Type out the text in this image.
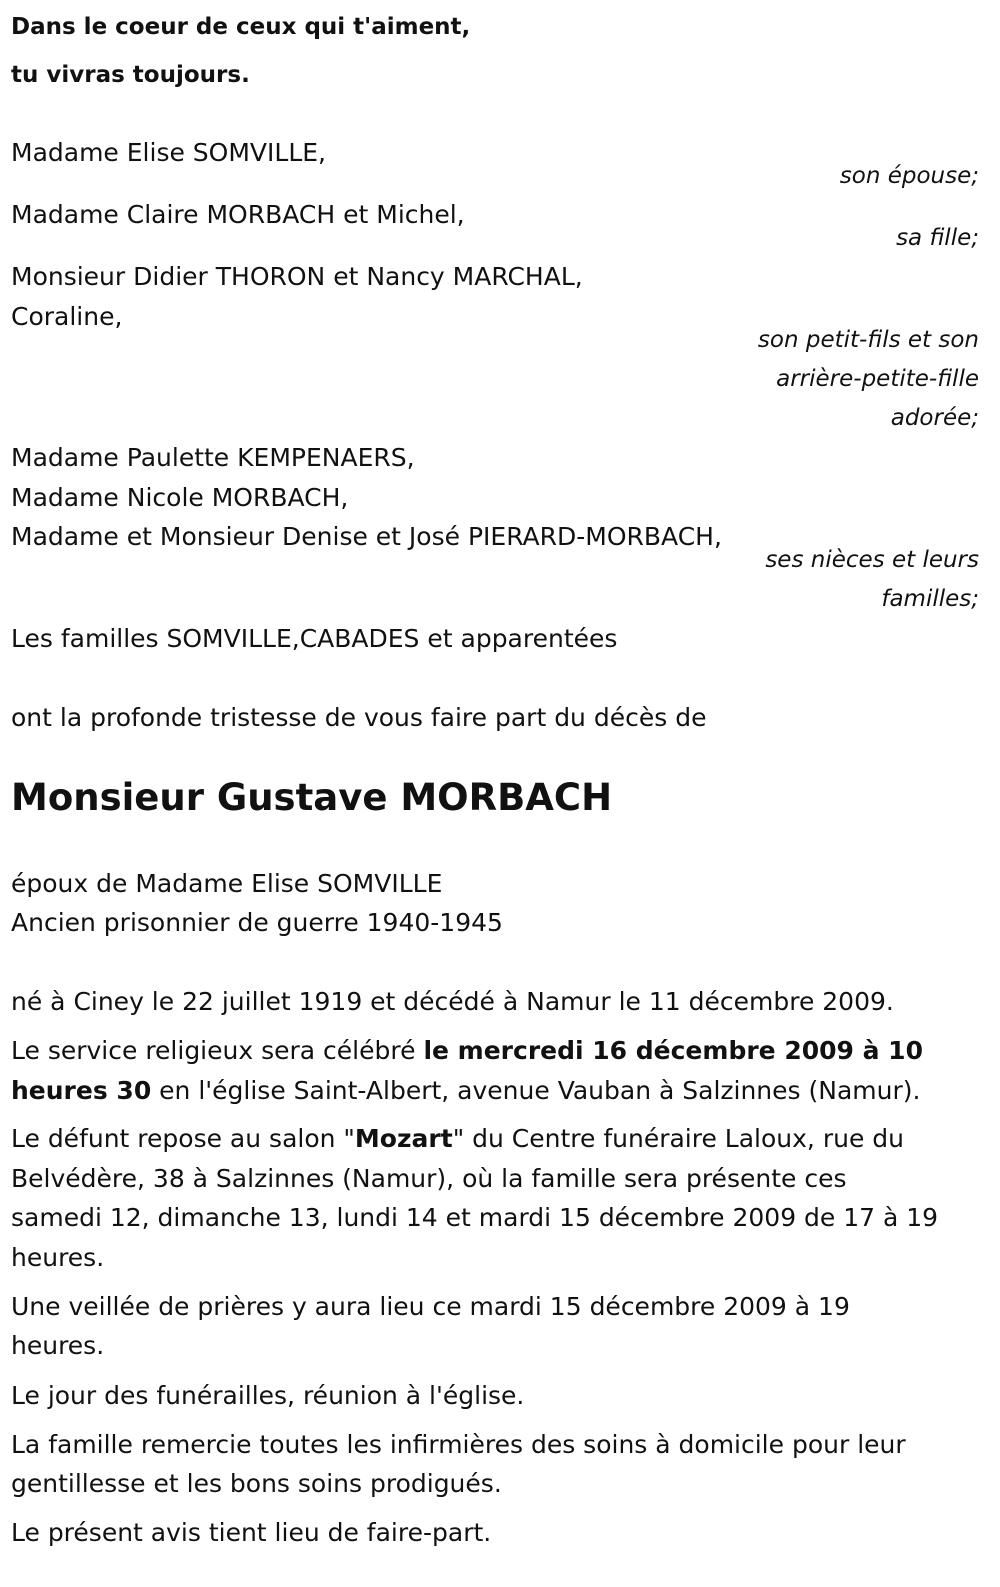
Dans le coeur de ceux qui t'aiment,
tu vivras toujours.
Madame Elise SOMVILLE,
son épouse;
Madame Claire MORBACH et Michel,
sa fille;
Monsieur Didier THORON et Nancy MARCHAL,
Coraline,
son petit-fils et son
arrière-petite-fille
adorée;
Madame Paulette KEMPENAERS,
Madame Nicole MORBACH,
Madame et Monsieur Denise et José PIERARD-MORBACH,
ses nièces et leurs
familles;
Les familles SOMVILLE,CABADES et apparentées
ont la profonde tristesse de vous faire part du décès de
Monsieur Gustave MORBACH
époux de Madame Elise SOMVILLE
Ancien prisonnier de guerre 1940-1945
né à Ciney le 22 juillet 1919 et décédé à Namur le 11 décembre 2009.
Le service religieux sera célébré le mercredi 16 décembre 2009 à 10
heures 30 en l'église Saint-Albert, avenue Vauban à Salzinnes (Namur).
Le défunt repose au salon "Mozart" du Centre funéraire Laloux, rue du
Belvédère, 38 à Salzinnes (Namur), où la famille sera présente ces
samedi 12, dimanche 13, lundi 14 et mardi 15 décembre 2009 de 17 à 19
heures.
Une veillée de prières y aura lieu ce mardi 15 décembre 2009 à 19
heures.
Le jour des funérailles, réunion à l'église.
La famille remercie toutes les infirmières des soins à domicile pour leur
gentillesse et les bons soins prodigués.
Le présent avis tient lieu de faire-part.
